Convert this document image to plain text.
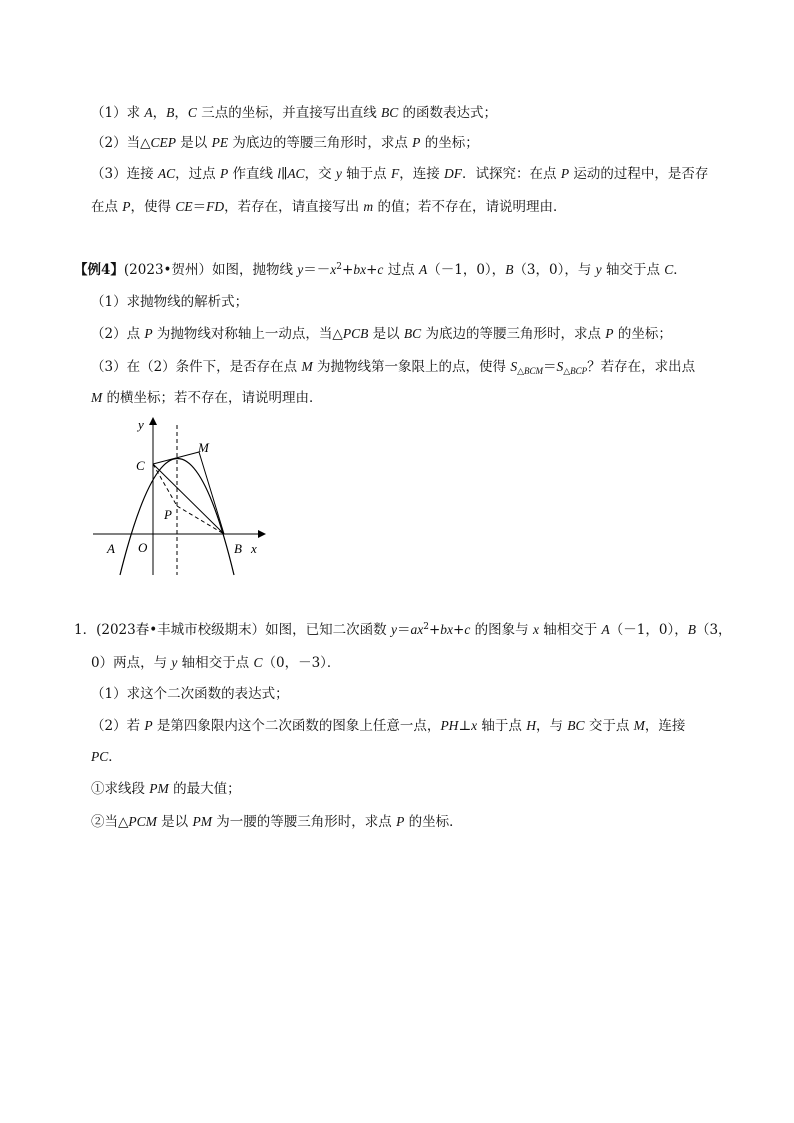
（1）求 A，B，C 三点的坐标，并直接写出直线 BC 的函数表达式；
（2）当△CEP 是以 PE 为底边的等腰三角形时，求点 P 的坐标；
（3）连接 AC，过点 P 作直线 l∥AC，交 y 轴于点 F，连接 DF．试探究：在点 P 运动的过程中，是否存
在点 P，使得 CE＝FD，若存在，请直接写出 m 的值；若不存在，请说明理由．
【例4】(2023•贺州）如图，抛物线 $y=-x^2+bx+c$ 过点 A（－1，0），B（3，0），与 y 轴交于点 C．
（1）求抛物线的解析式；
（2）点 P 为抛物线对称轴上一动点，当△PCB 是以 BC 为底边的等腰三角形时，求点 P 的坐标；
（3）在（2）条件下，是否存在点 M 为抛物线第一象限上的点，使得 $S_{\triangle BCM}=S_{\triangle BCP}$？若存在，求出点
M 的横坐标；若不存在，请说明理由．
y
x
O
A	B
C
M
P
1．(2023春•丰城市校级期末）如图，已知二次函数 $y=ax^2+bx+c$ 的图象与 x 轴相交于 A（－1，0），B（3，
0）两点，与 y 轴相交于点 C（0，－3）．
（1）求这个二次函数的表达式；
（2）若 P 是第四象限内这个二次函数的图象上任意一点，PH⊥x 轴于点 H，与 BC 交于点 M，连接
PC．
①求线段 PM 的最大值；
②当△PCM 是以 PM 为一腰的等腰三角形时，求点 P 的坐标．
